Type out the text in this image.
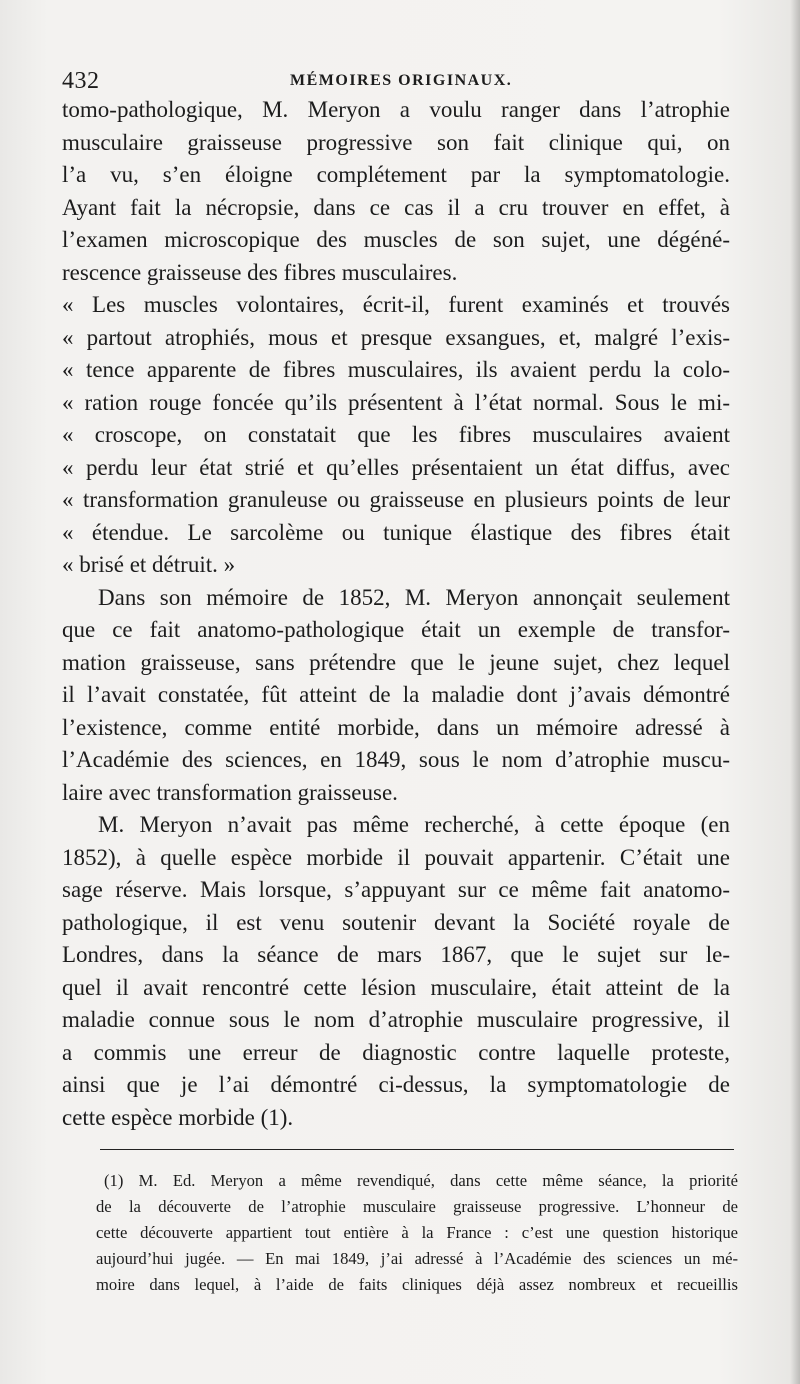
432	MÉMOIRES ORIGINAUX.
tomo-pathologique, M. Meryon a voulu ranger dans l’atrophie
musculaire graisseuse progressive son fait clinique qui, on
l’a vu, s’en éloigne complétement par la symptomatologie.
Ayant fait la nécropsie, dans ce cas il a cru trouver en effet, à
l’examen microscopique des muscles de son sujet, une dégéné-
rescence graisseuse des fibres musculaires.
« Les muscles volontaires, écrit-il, furent examinés et trouvés
« partout atrophiés, mous et presque exsangues, et, malgré l’exis-
« tence apparente de fibres musculaires, ils avaient perdu la colo-
« ration rouge foncée qu’ils présentent à l’état normal. Sous le mi-
« croscope, on constatait que les fibres musculaires avaient
« perdu leur état strié et qu’elles présentaient un état diffus, avec
« transformation granuleuse ou graisseuse en plusieurs points de leur
« étendue. Le sarcolème ou tunique élastique des fibres était
« brisé et détruit. »
Dans son mémoire de 1852, M. Meryon annonçait seulement
que ce fait anatomo-pathologique était un exemple de transfor-
mation graisseuse, sans prétendre que le jeune sujet, chez lequel
il l’avait constatée, fût atteint de la maladie dont j’avais démontré
l’existence, comme entité morbide, dans un mémoire adressé à
l’Académie des sciences, en 1849, sous le nom d’atrophie muscu-
laire avec transformation graisseuse.
M. Meryon n’avait pas même recherché, à cette époque (en
1852), à quelle espèce morbide il pouvait appartenir. C’était une
sage réserve. Mais lorsque, s’appuyant sur ce même fait anatomo-
pathologique, il est venu soutenir devant la Société royale de
Londres, dans la séance de mars 1867, que le sujet sur le-
quel il avait rencontré cette lésion musculaire, était atteint de la
maladie connue sous le nom d’atrophie musculaire progressive, il
a commis une erreur de diagnostic contre laquelle proteste,
ainsi que je l’ai démontré ci-dessus, la symptomatologie de
cette espèce morbide (1).
(1) M. Ed. Meryon a même revendiqué, dans cette même séance, la priorité
de la découverte de l’atrophie musculaire graisseuse progressive. L’honneur de
cette découverte appartient tout entière à la France : c’est une question historique
aujourd’hui jugée. — En mai 1849, j’ai adressé à l’Académie des sciences un mé-
moire dans lequel, à l’aide de faits cliniques déjà assez nombreux et recueillis
